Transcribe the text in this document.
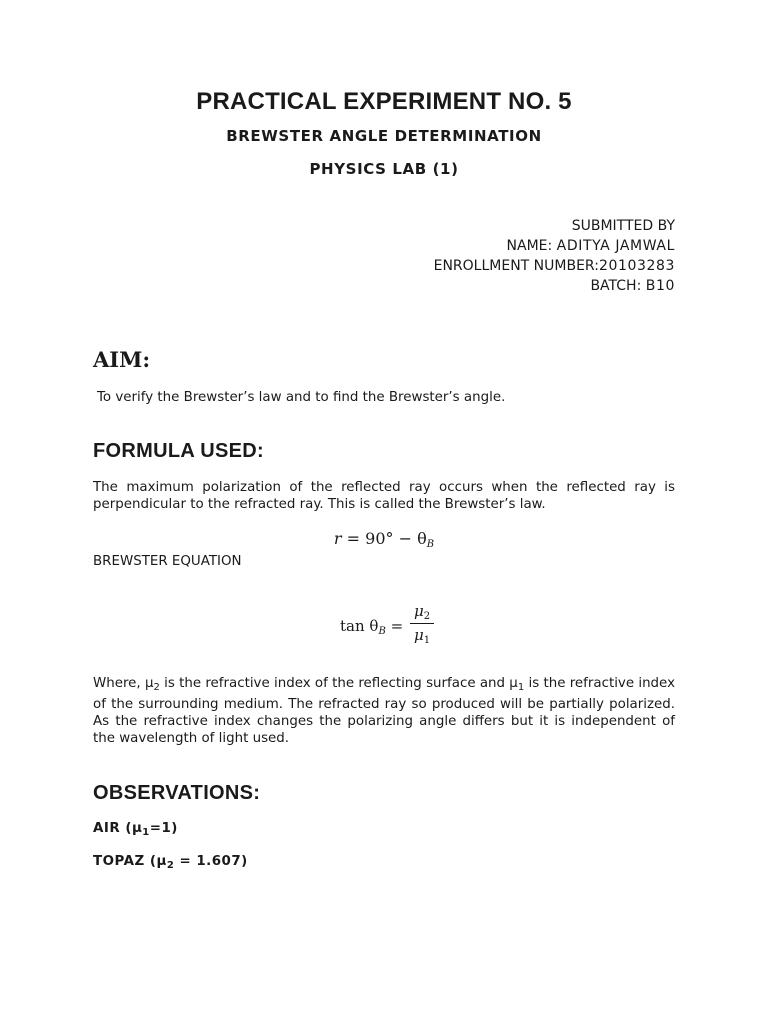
PRACTICAL EXPERIMENT NO. 5
BREWSTER ANGLE DETERMINATION
PHYSICS LAB (1)
SUBMITTED BY
NAME: ADITYA JAMWAL
ENROLLMENT NUMBER:20103283
BATCH: B10
AIM:
To verify the Brewster’s law and to find the Brewster’s angle.
FORMULA USED:
The maximum polarization of the reflected ray occurs when the reflected ray is perpendicular to the refracted ray. This is called the Brewster’s law.
$r = 90^\circ - \theta_B$
BREWSTER EQUATION
$\tan \theta_B$ =
$\mu_2$
$\mu_1$
Where, $\mu_2$ is the refractive index of the reflecting surface and $\mu_1$ is the refractive index of the surrounding medium. The refracted ray so produced will be partially polarized. As the refractive index changes the polarizing angle differs but it is independent of the wavelength of light used.
OBSERVATIONS:
AIR $(\mu_1=1)$
TOPAZ $(\mu_2 = 1.607)$
